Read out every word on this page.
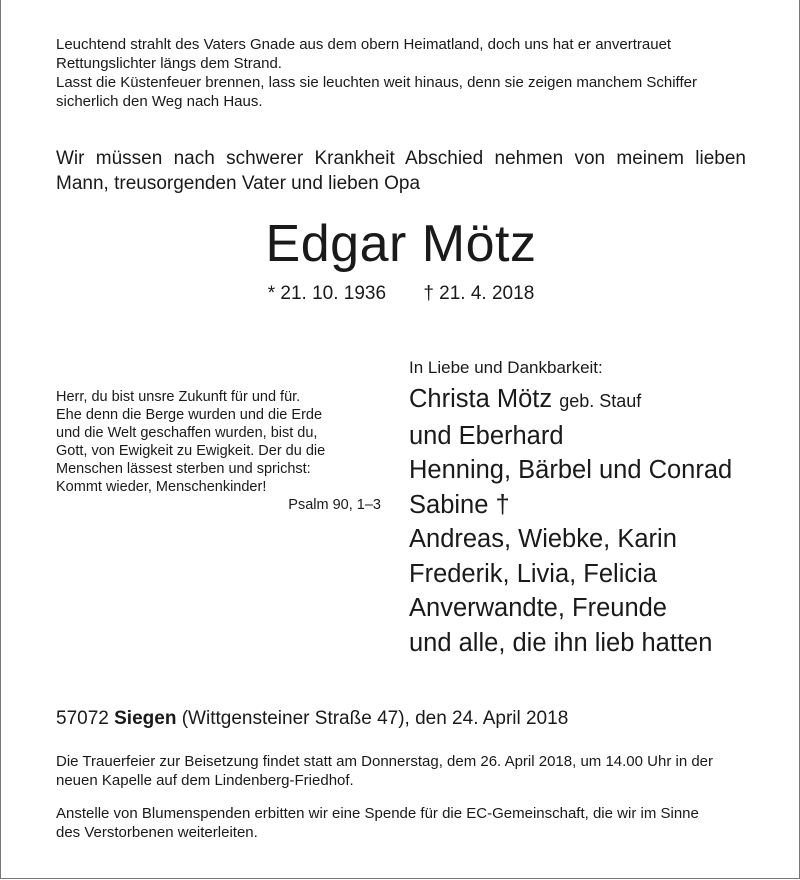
Leuchtend strahlt des Vaters Gnade aus dem obern Heimatland, doch uns hat er anvertrauet
Rettungslichter längs dem Strand.
Lasst die Küstenfeuer brennen, lass sie leuchten weit hinaus, denn sie zeigen manchem Schiffer
sicherlich den Weg nach Haus.
Wir müssen nach schwerer Krankheit Abschied nehmen von meinem lieben
Mann, treusorgenden Vater und lieben Opa
Edgar Mötz
* 21. 10. 1936 † 21. 4. 2018
Herr, du bist unsre Zukunft für und für.
Ehe denn die Berge wurden und die Erde
und die Welt geschaffen wurden, bist du,
Gott, von Ewigkeit zu Ewigkeit. Der du die
Menschen lässest sterben und sprichst:
Kommt wieder, Menschenkinder!
Psalm 90, 1–3
In Liebe und Dankbarkeit:
Christa Mötz geb. Stauf
und Eberhard
Henning, Bärbel und Conrad
Sabine †
Andreas, Wiebke, Karin
Frederik, Livia, Felicia
Anverwandte, Freunde
und alle, die ihn lieb hatten
57072 Siegen (Wittgensteiner Straße 47), den 24. April 2018
Die Trauerfeier zur Beisetzung findet statt am Donnerstag, dem 26. April 2018, um 14.00 Uhr in der
neuen Kapelle auf dem Lindenberg-Friedhof.
Anstelle von Blumenspenden erbitten wir eine Spende für die EC-Gemeinschaft, die wir im Sinne
des Verstorbenen weiterleiten.
